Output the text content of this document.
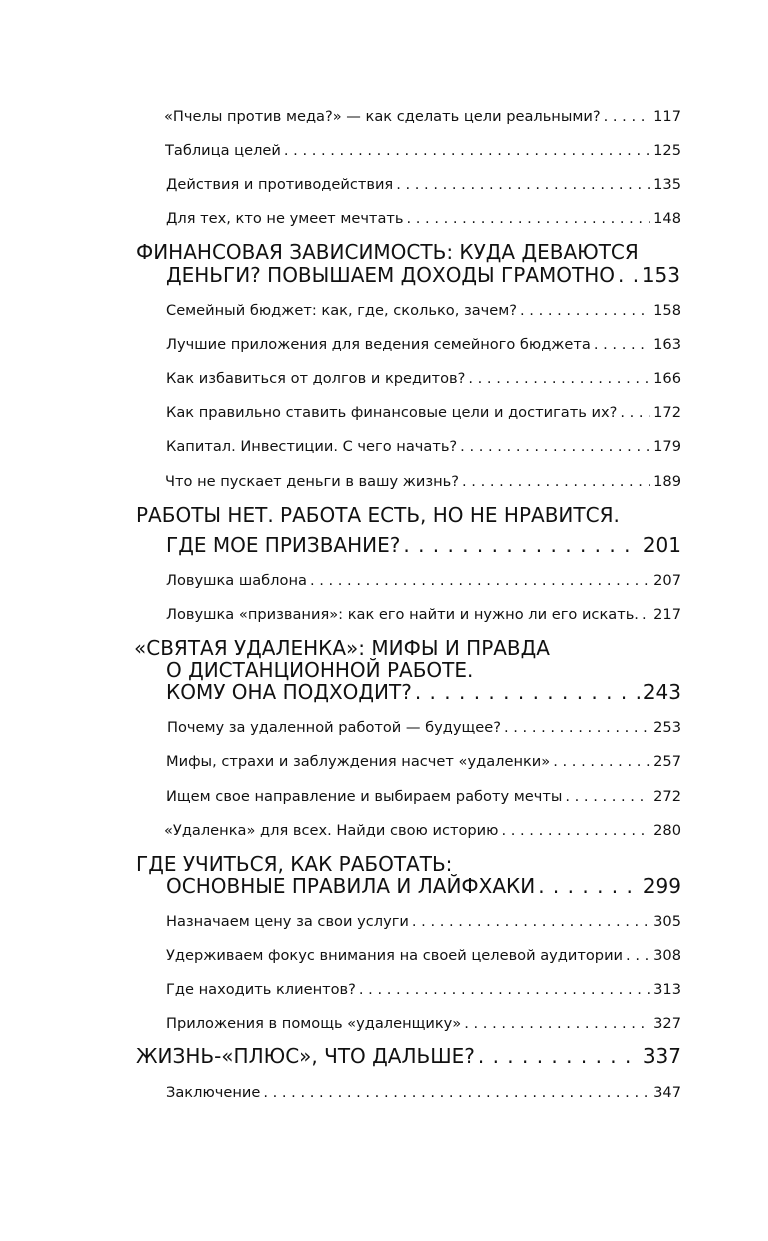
«Пчелы против меда?» — как сделать цели реальными? . . .	117
Таблица целей . . .	125
Действия и противодействия . . .	135
Для тех, кто не умеет мечтать . . .	148
ФИНАНСОВАЯ ЗАВИСИМОСТЬ: КУДА ДЕВАЮТСЯ
ДЕНЬГИ? ПОВЫШАЕМ ДОХОДЫ ГРАМОТНО . . . 153
Семейный бюджет: как, где, сколько, зачем? . . .	158
Лучшие приложения для ведения семейного бюджета . . .	163
Как избавиться от долгов и кредитов? . . .	166
Как правильно ставить финансовые цели и достигать их? . . . 172
Капитал. Инвестиции. С чего начать? . . .	179
Что не пускает деньги в вашу жизнь? . . .	189
РАБОТЫ НЕТ. РАБОТА ЕСТЬ, НО НЕ НРАВИТСЯ.
ГДЕ МОЕ ПРИЗВАНИЕ? . . .	201
Ловушка шаблона . . .	207
Ловушка «призвания»: как его найти и нужно ли его искать. . . . 217
«СВЯТАЯ УДАЛЕНКА»: МИФЫ И ПРАВДА
О ДИСТАНЦИОННОЙ РАБОТЕ.
КОМУ ОНА ПОДХОДИТ? . . .	243
Почему за удаленной работой — будущее? . . .	253
Мифы, страхи и заблуждения насчет «удаленки» . . .	257
Ищем свое направление и выбираем работу мечты . . .	272
«Удаленка» для всех. Найди свою историю . . .	280
ГДЕ УЧИТЬСЯ, КАК РАБОТАТЬ:
ОСНОВНЫЕ ПРАВИЛА И ЛАЙФХАКИ . . .	299
Назначаем цену за свои услуги . . .	305
Удерживаем фокус внимания на своей целевой аудитории . . . 308
Где находить клиентов? . . .	313
Приложения в помощь «удаленщику» . . .	327
ЖИЗНЬ-«ПЛЮС», ЧТО ДАЛЬШЕ? . . .	337
Заключение . . .	347
